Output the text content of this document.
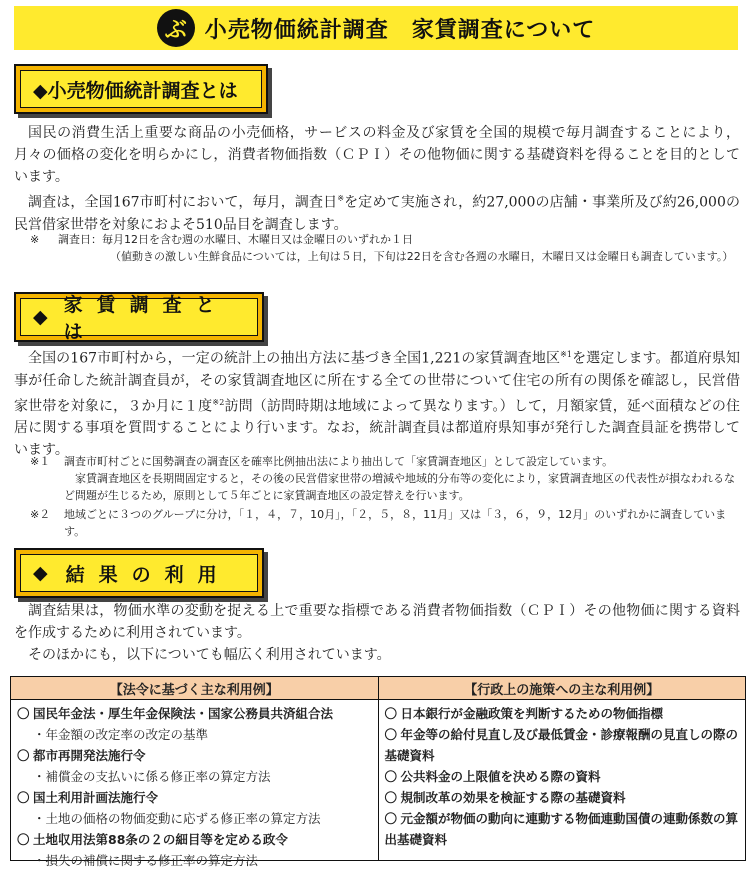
ぶ 小売物価統計調査　家賃調査について
◆小売物価統計調査とは

国民の消費生活上重要な商品の小売価格，サービスの料金及び家賃を全国的規模で毎月調査することにより，月々の価格の変化を明らかにし，消費者物価指数（ＣＰＩ）その他物価に関する基礎資料を得ることを目的としています。

調査は，全国167市町村において，毎月，調査日※を定めて実施され，約27,000の店舗・事業所及び約26,000の民営借家世帯を対象におよそ510品目を調査します。

※ 調査日：毎月12日を含む週の水曜日、木曜日又は金曜日のいずれか１日
（値動きの激しい生鮮食品については，上旬は５日，下旬は22日を含む各週の水曜日，木曜日又は金曜日も調査しています。）
◆
家賃調査とは

全国の167市町村から，一定の統計上の抽出方法に基づき全国1,221の家賃調査地区$^{※1}$を選定します。都道府県知事が任命した統計調査員が，その家賃調査地区に所在する全ての世帯について住宅の所有の関係を確認し，民営借家世帯を対象に，３か月に１度$^{※2}$訪問（訪問時期は地域によって異なります。）して，月額家賃，延べ面積などの住居に関する事項を質問することにより行います。なお，統計調査員は都道府県知事が発行した調査員証を携帯しています。

※１	調査市町村ごとに国勢調査の調査区を確率比例抽出法により抽出して「家賃調査地区」として設定しています。
家賃調査地区を長期間固定すると，その後の民営借家世帯の増減や地域的分布等の変化により，家賃調査地区の代表性が損なわれるなど問題が生じるため，原則として５年ごとに家賃調査地区の設定替えを行います。
※２	地域ごとに３つのグループに分け，「１，４，７，10月」，「２，５，８，11月」又は「３，６，９，12月」のいずれかに調査しています。
◆ 結果の利用

調査結果は，物価水準の変動を捉える上で重要な指標である消費者物価指数（ＣＰＩ）その他物価に関する資料を作成するために利用されています。

そのほかにも，以下についても幅広く利用されています。

【法令に基づく主な利用例】
〇 国民年金法・厚生年金保険法・国家公務員共済組合法
・年金額の改定率の改定の基準
〇 都市再開発法施行令
・補償金の支払いに係る修正率の算定方法
〇 国土利用計画法施行令
・土地の価格の物価変動に応ずる修正率の算定方法
〇 土地収用法第88条の２の細目等を定める政令
・損失の補償に関する修正率の算定方法
【行政上の施策への主な利用例】
〇 日本銀行が金融政策を判断するための物価指標
〇 年金等の給付見直し及び最低賃金・診療報酬の見直しの際の基礎資料
〇 公共料金の上限値を決める際の資料
〇 規制改革の効果を検証する際の基礎資料
〇 元金額が物価の動向に連動する物価連動国債の連動係数の算出基礎資料
